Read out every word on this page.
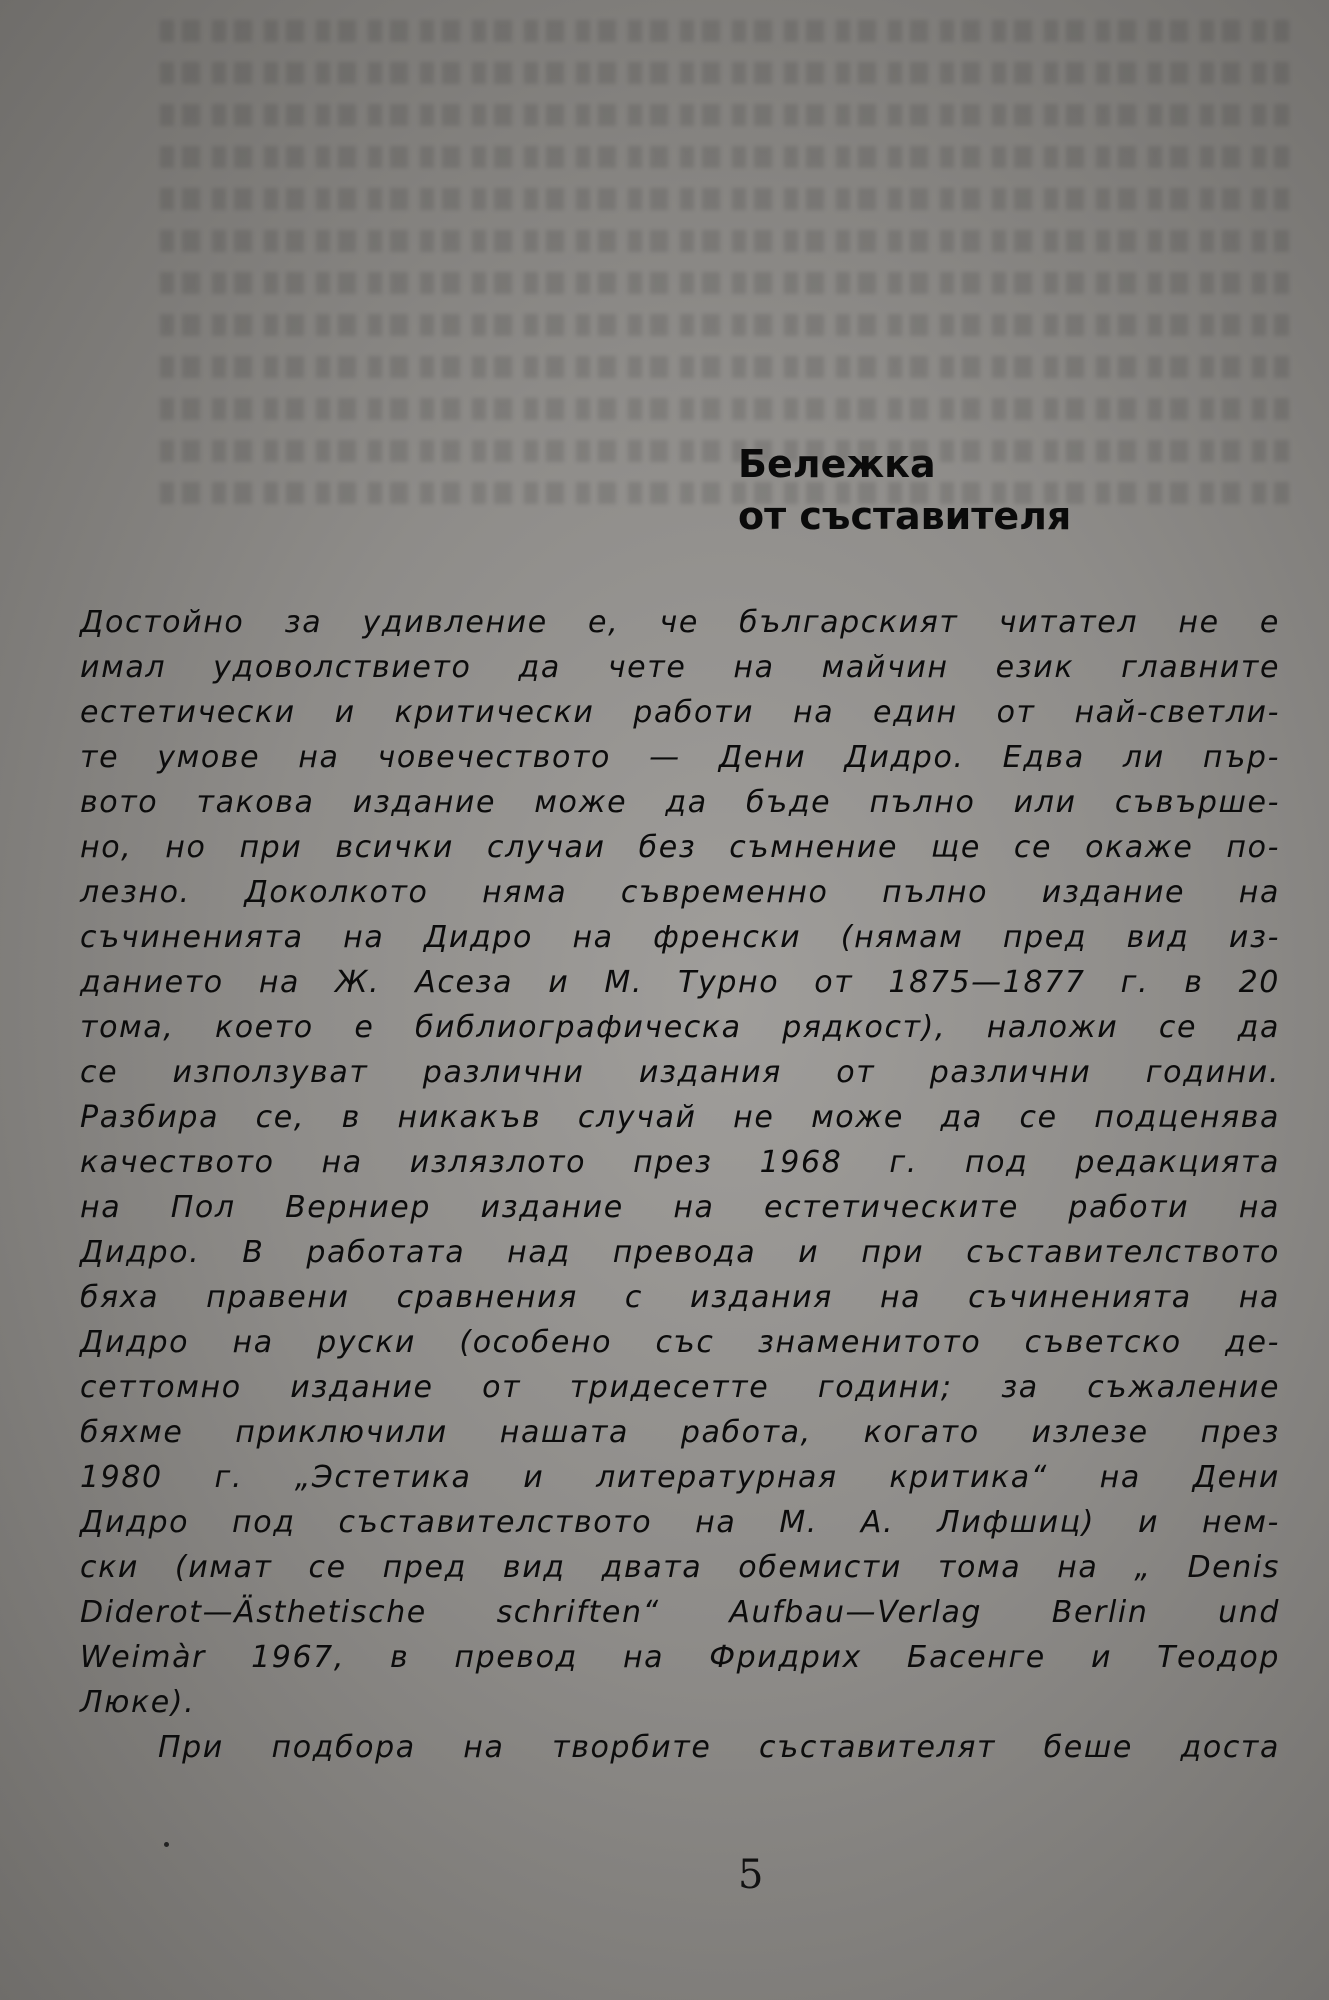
Бележка
от съставителя

Достойно за удивление е, че българският читател не е
имал удоволствието да чете на майчин език главните
естетически и критически работи на един от най-светли-
те умове на човечеството — Дени Дидро. Едва ли пър-
вото такова издание може да бъде пълно или съвършe-
но, но при всички случаи без съмнение ще се окаже по-
лезно. Доколкото няма съвременно пълно издание на
съчиненията на Дидро на френски (нямам пред вид из-
данието на Ж. Асеза и М. Турно от 1875—1877 г. в 20
тома, което е библиографическа рядкост), наложи се да
се използуват различни издания от различни години.
Разбира се, в никакъв случай не може да се подценява
качеството на излязлото през 1968 г. под редакцията
на Пол Верниер издание на естетическите работи на
Дидро. В работата над превода и при съставителството
бяха правени сравнения с издания на съчиненията на
Дидро на руски (особено със знаменитото съветско де-
сеттомно издание от тридесетте години; за съжаление
бяхме приключили нашата работа, когато излезе през
1980 г. „Эстетика и литературная критика“ на Дени
Дидро под съставителството на М. А. Лифшиц) и нем-
ски (имат се пред вид двата обемисти тома на „ Denis
Diderot—Ästhetische schriften“ Aufbau—Verlag Berlin und
Weimàr 1967, в превод на Фридрих Басенге и Теодор
Люкe).
При подбора на творбите съставителят беше доста

5
